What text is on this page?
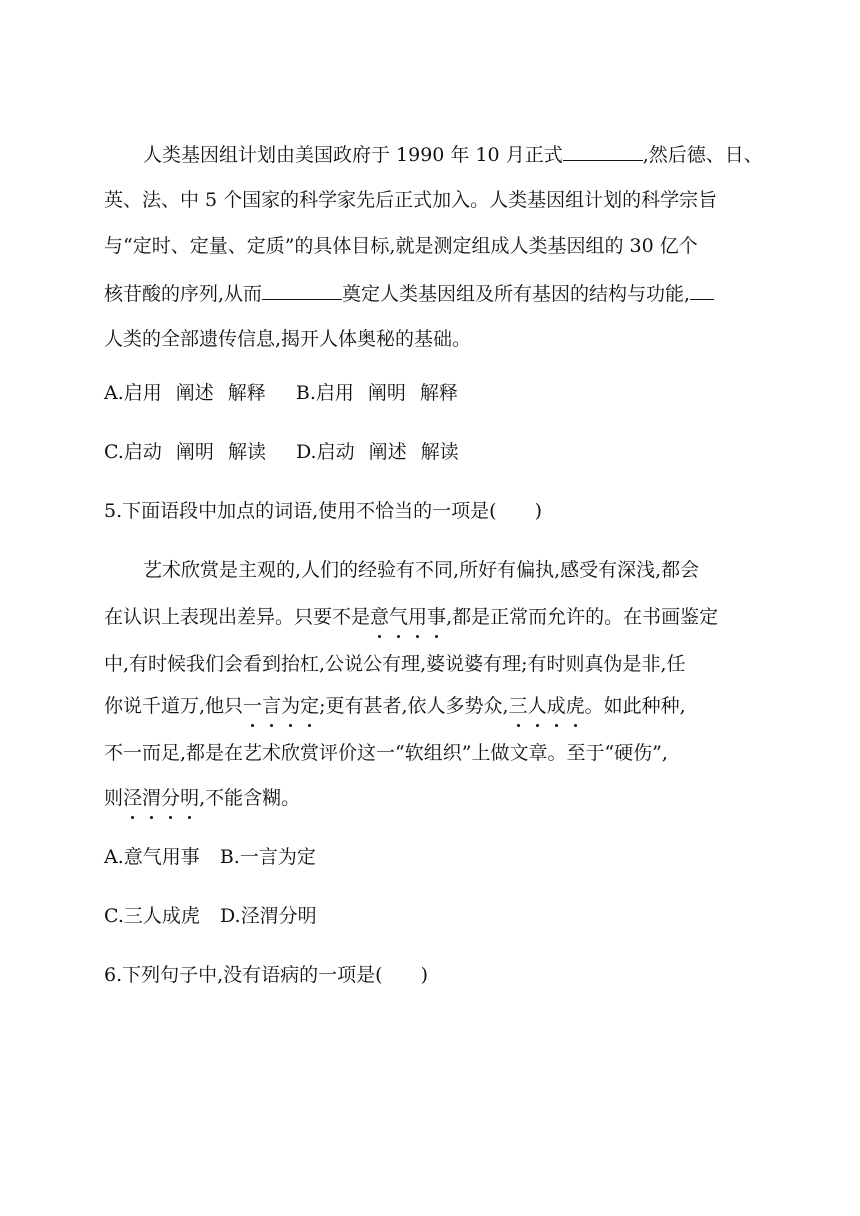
人类基因组计划由美国政府于 1990 年 10 月正式	,然后德、日、
英、法、中 5 个国家的科学家先后正式加入。人类基因组计划的科学宗旨
与“定时、定量、定质”的具体目标,就是测定组成人类基因组的 30 亿个
核苷酸的序列,从而	奠定人类基因组及所有基因的结构与功能,
人类的全部遗传信息,揭开人体奥秘的基础。
A.启用 阐述 解释 B.启用 阐明 解释
C.启动 阐明 解读 D.启动 阐述 解读
5.下面语段中加点的词语,使用不恰当的一项是(　　)
艺术欣赏是主观的,人们的经验有不同,所好有偏执,感受有深浅,都会
在认识上表现出差异。只要不是意气用事,都是正常而允许的。在书画鉴定
中,有时候我们会看到抬杠,公说公有理,婆说婆有理;有时则真伪是非,任
你说千道万,他只一言为定;更有甚者,依人多势众,三人成虎。如此种种,
不一而足,都是在艺术欣赏评价这一“软组织”上做文章。至于“硬伤”,
则泾渭分明,不能含糊。
A.意气用事 B.一言为定
C.三人成虎 D.泾渭分明
6.下列句子中,没有语病的一项是(　　)
